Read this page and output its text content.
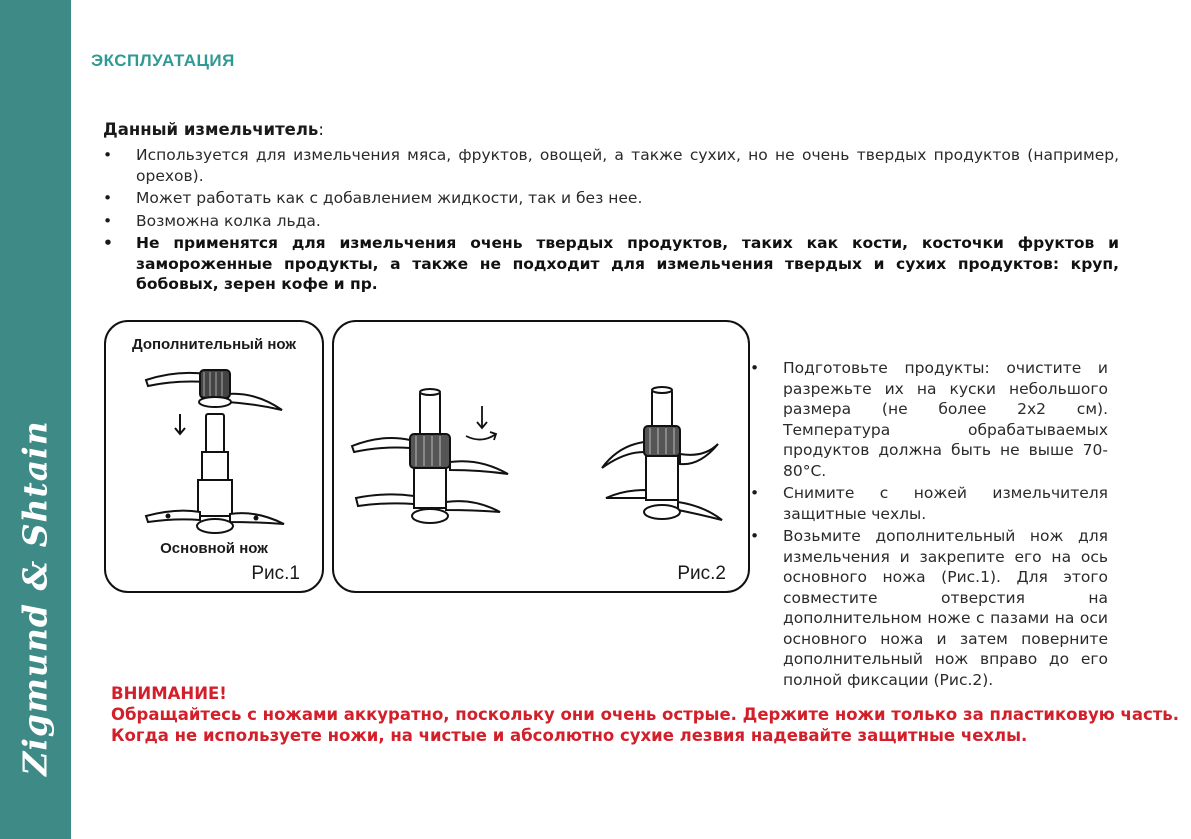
Zigmund & Shtain
ЭКСПЛУАТАЦИЯ
Данный измельчитель:
• Используется для измельчения мяса, фруктов, овощей, а также сухих, но не очень твердых продуктов (например, орехов).
• Может работать как с добавлением жидкости, так и без нее.
• Возможна колка льда.
• Не применятся для измельчения очень твердых продуктов, таких как кости, косточки фруктов и замороженные продукты, а также не подходит для измельчения твердых и сухих продуктов: круп, бобовых, зерен кофе и пр.
Дополнительный нож
Основной нож
Рис.1	Рис.2
• Подготовьте продукты: очистите и разрежьте их на куски небольшого размера (не более 2x2 см). Температура обрабатываемых продуктов должна быть не выше 70-80°C.
• Снимите с ножей измельчителя защитные чехлы.
• Возьмите дополнительный нож для измельчения и закрепите его на ось основного ножа (Рис.1). Для этого совместите отверстия на дополнительном ноже с пазами на оси основного ножа и затем поверните дополнительный нож вправо до его полной фиксации (Рис.2).
ВНИМАНИЕ!
Обращайтесь с ножами аккуратно, поскольку они очень острые. Держите ножи только за пластиковую часть.
Когда не используете ножи, на чистые и абсолютно сухие лезвия надевайте защитные чехлы.
